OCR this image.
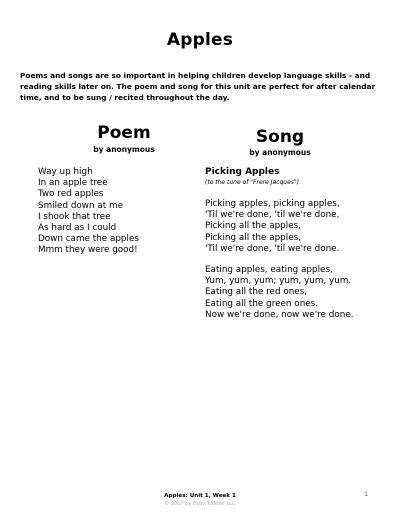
Apples
Poems and songs are so important in helping children develop language skills - and reading skills later on. The poem and song for this unit are perfect for after calendar time, and to be sung / recited throughout the day.
Poem
by anonymous
Way up high
In an apple tree
Two red apples
Smiled down at me
I shook that tree
As hard as I could
Down came the apples
Mmm they were good!
Song
by anonymous
Picking Apples
(to the tune of "Frere Jacques")
Picking apples, picking apples,
'Til we're done, 'til we're done,
Picking all the apples,
Picking all the apples,
'Til we're done, 'til we're done.
Eating apples, eating apples,
Yum, yum, yum; yum, yum, yum.
Eating all the red ones,
Eating all the green ones.
Now we're done, now we're done.
1
Apples: Unit 1, Week 1
© 2017 by Busy Toddler LLC
